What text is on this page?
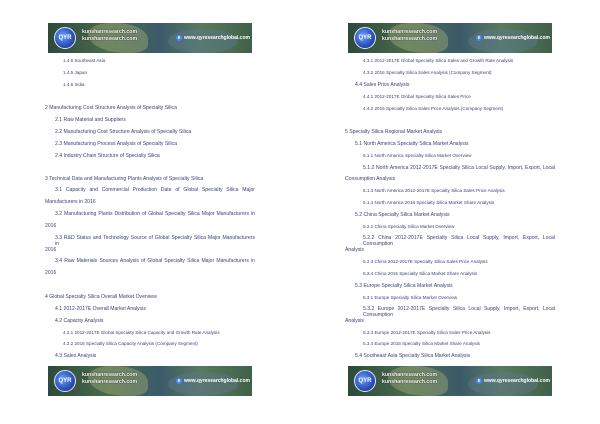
QYR
kunshanresearch.com
kunshanresearch.com	e www.qyresearchglobal.com
1.4.5 Southeast Asia
1.4.5 Japan
1.4.6 India
2 Manufacturing Cost Structure Analysis of Specialty Silica
2.1 Raw Material and Suppliers
2.2 Manufacturing Cost Structure Analysis of Specialty Silica
2.3 Manufacturing Process Analysis of Specialty Silica
2.4 Industry Chain Structure of Specialty Silica
3 Technical Data and Manufacturing Plants Analysis of Specialty Silica
3.1 Capacity and Commercial Production Date of Global Specialty Silica Major
Manufacturers in 2016
3.2 Manufacturing Plants Distribution of Global Specialty Silica Major Manufacturers in
2016
3.3 R&D Status and Technology Source of Global Specialty Silica Major Manufacturers in
2016
3.4 Raw Materials Sources Analysis of Global Specialty Silica Major Manufacturers in
2016
4 Global Specialty Silica Overall Market Overview
4.1 2012-2017E Overall Market Analysis
4.2 Capacity Analysis
4.2.1 2012-2017E Global Specialty Silica Capacity and Growth Rate Analysis
4.2.2 2016 Specialty Silica Capacity Analysis (Company Segment)
4.3 Sales Analysis
QYR
kunshanresearch.com
kunshanresearch.com	e www.qyresearchglobal.com
QYR
kunshanresearch.com
kunshanresearch.com	e www.qyresearchglobal.com
4.3.1 2012-2017E Global Specialty Silica Sales and Growth Rate Analysis
4.3.2 2016 Specialty Silica Sales Analysis (Company Segment)
4.4 Sales Price Analysis
4.4.1 2012-2017E Global Specialty Silica Sales Price
4.4.2 2016 Specialty Silica Sales Price Analysis (Company Segment)
5 Specialty Silica Regional Market Analysis
5.1 North America Specialty Silica Market Analysis
5.1.1 North America Specialty Silica Market Overview
5.1.2 North America 2012-2017E Specialty Silica Local Supply, Import, Export, Local
Consumption Analysis
5.1.3 North America 2012-2017E Specialty Silica Sales Price Analysis
5.1.4 North America 2016 Specialty Silica Market Share Analysis
5.2 China Specialty Silica Market Analysis
5.2.1 China Specialty Silica Market Overview
5.2.2 China 2012-2017E Specialty Silica Local Supply, Import, Export, Local Consumption
Analysis
5.2.3 China 2012-2017E Specialty Silica Sales Price Analysis
5.2.4 China 2016 Specialty Silica Market Share Analysis
5.3 Europe Specialty Silica Market Analysis
5.3.1 Europe Specialty Silica Market Overview
5.3.2 Europe 2012-2017E Specialty Silica Local Supply, Import, Export, Local Consumption
Analysis
5.3.3 Europe 2012-2017E Specialty Silica Sales Price Analysis
5.3.4 Europe 2016 Specialty Silica Market Share Analysis
5.4 Southeast Asia Specialty Silica Market Analysis
QYR
kunshanresearch.com
kunshanresearch.com	e www.qyresearchglobal.com
